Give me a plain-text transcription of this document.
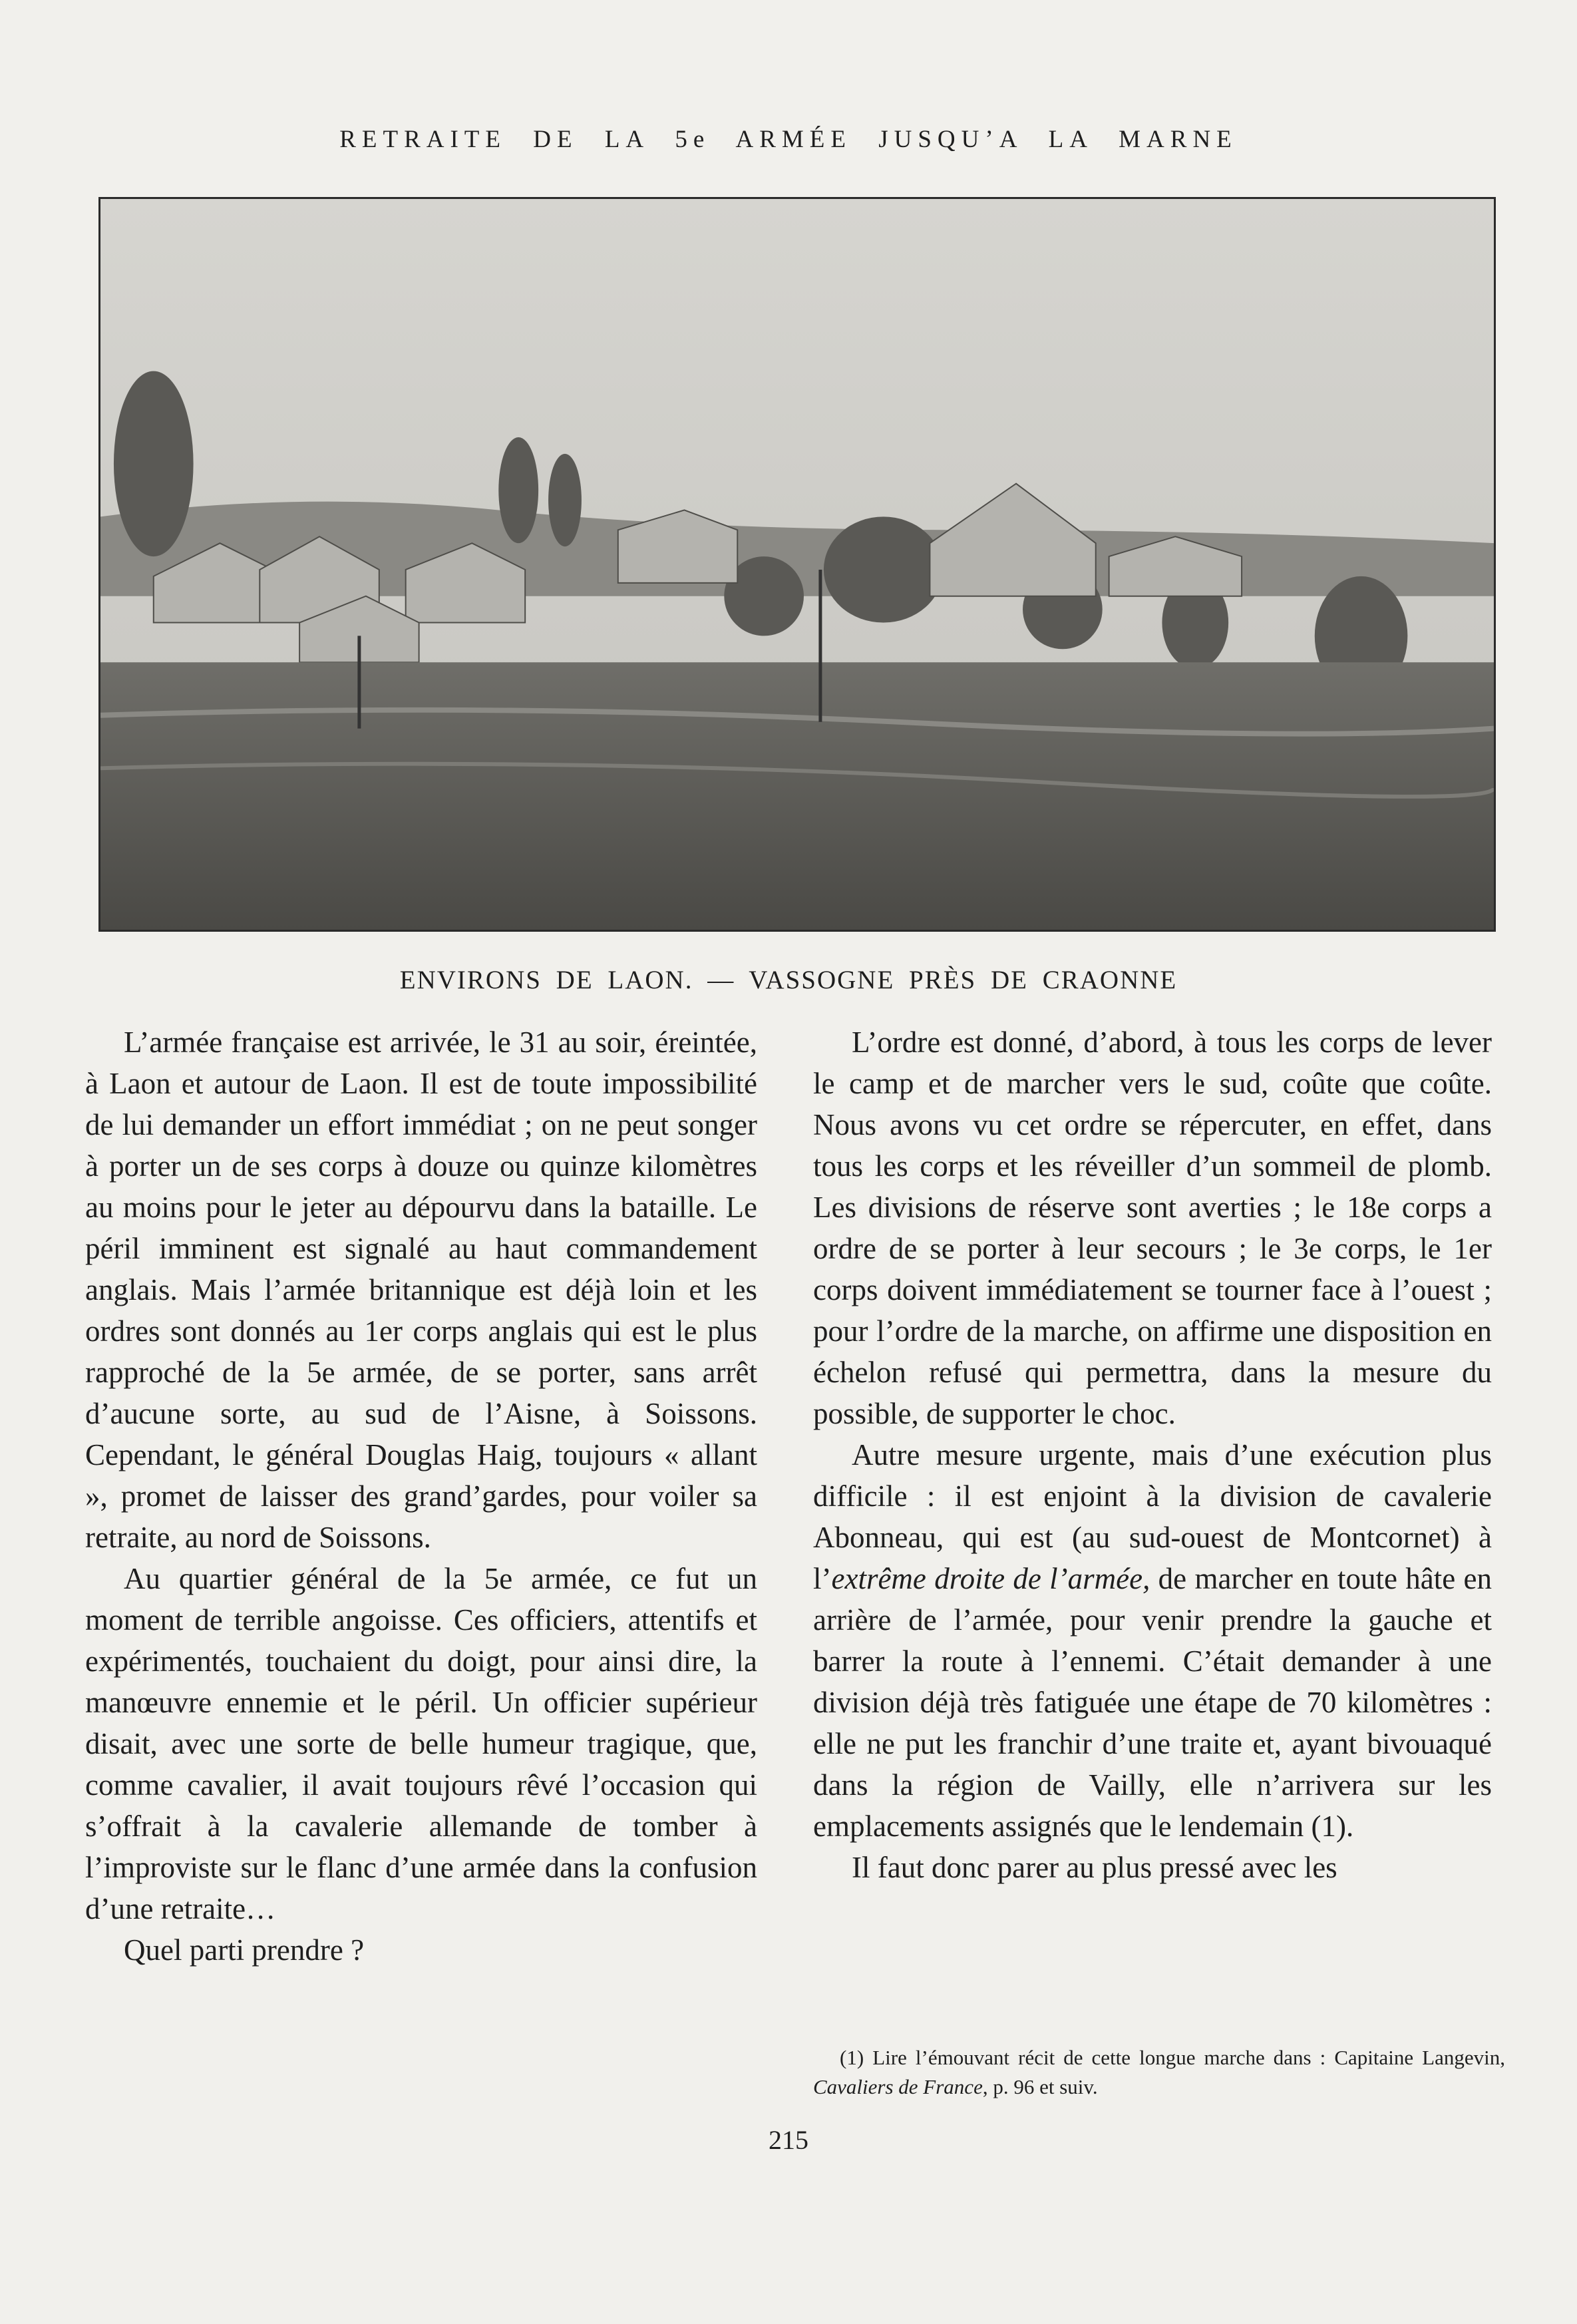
RETRAITE DE LA 5e ARMÉE JUSQU’A LA MARNE
ENVIRONS DE LAON. — VASSOGNE PRÈS DE CRAONNE

L’armée française est arrivée, le 31 au soir, éreintée, à Laon et autour de Laon. Il est de toute impossibilité de lui demander un effort immédiat ; on ne peut songer à porter un de ses corps à douze ou quinze kilomètres au moins pour le jeter au dépourvu dans la bataille. Le péril imminent est signalé au haut commandement anglais. Mais l’armée britannique est déjà loin et les ordres sont donnés au 1er corps anglais qui est le plus rapproché de la 5e armée, de se porter, sans arrêt d’aucune sorte, au sud de l’Aisne, à Soissons. Cependant, le général Douglas Haig, toujours « allant », promet de laisser des grand’gardes, pour voiler sa retraite, au nord de Soissons.

Au quartier général de la 5e armée, ce fut un moment de terrible angoisse. Ces officiers, attentifs et expérimentés, touchaient du doigt, pour ainsi dire, la manœuvre ennemie et le péril. Un officier supérieur disait, avec une sorte de belle humeur tragique, que, comme cavalier, il avait toujours rêvé l’occasion qui s’offrait à la cavalerie allemande de tomber à l’improviste sur le flanc d’une armée dans la confusion d’une retraite…

Quel parti prendre ?

L’ordre est donné, d’abord, à tous les corps de lever le camp et de marcher vers le sud, coûte que coûte. Nous avons vu cet ordre se répercuter, en effet, dans tous les corps et les réveiller d’un sommeil de plomb. Les divisions de réserve sont averties ; le 18e corps a ordre de se porter à leur secours ; le 3e corps, le 1er corps doivent immédiatement se tourner face à l’ouest ; pour l’ordre de la marche, on affirme une disposition en échelon refusé qui permettra, dans la mesure du possible, de supporter le choc.

Autre mesure urgente, mais d’une exécution plus difficile : il est enjoint à la division de cavalerie Abonneau, qui est (au sud-ouest de Montcornet) à l’extrême droite de l’armée, de marcher en toute hâte en arrière de l’armée, pour venir prendre la gauche et barrer la route à l’ennemi. C’était demander à une division déjà très fatiguée une étape de 70 kilomètres : elle ne put les franchir d’une traite et, ayant bivouaqué dans la région de Vailly, elle n’arrivera sur les emplacements assignés que le lendemain (1).

Il faut donc parer au plus pressé avec les

(1) Lire l’émouvant récit de cette longue marche dans : Capitaine Langevin, Cavaliers de France, p. 96 et suiv.
215
